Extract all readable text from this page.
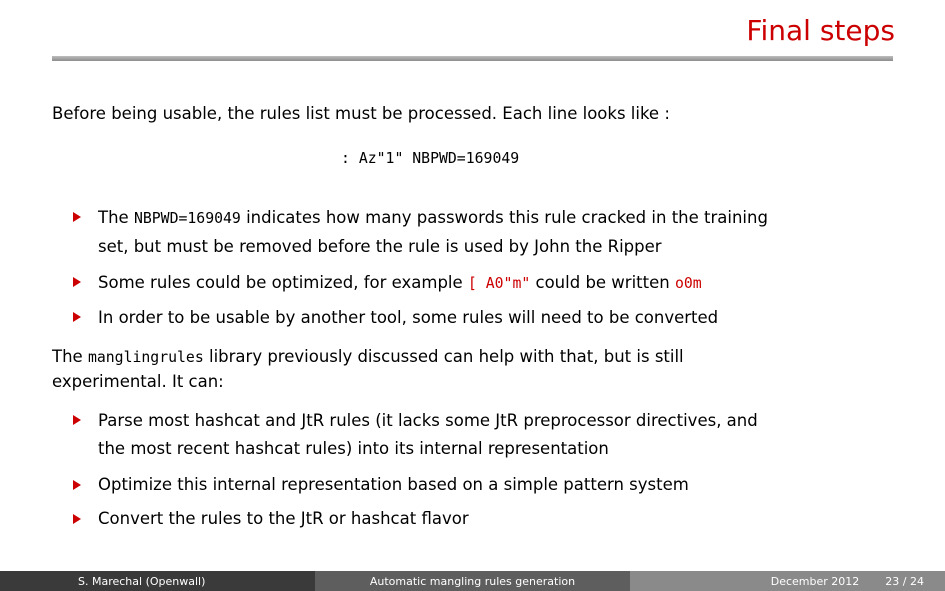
Final steps
Before being usable, the rules list must be processed. Each line looks like :
: Az"1" NBPWD=169049
The NBPWD=169049 indicates how many passwords this rule cracked in the training
set, but must be removed before the rule is used by John the Ripper
Some rules could be optimized, for example [ A0"m" could be written o0m
In order to be usable by another tool, some rules will need to be converted
The manglingrules library previously discussed can help with that, but is still
experimental. It can:
Parse most hashcat and JtR rules (it lacks some JtR preprocessor directives, and
the most recent hashcat rules) into its internal representation
Optimize this internal representation based on a simple pattern system
Convert the rules to the JtR or hashcat flavor
S. Marechal (Openwall)	Automatic mangling rules generation	December 2012 23 / 24
